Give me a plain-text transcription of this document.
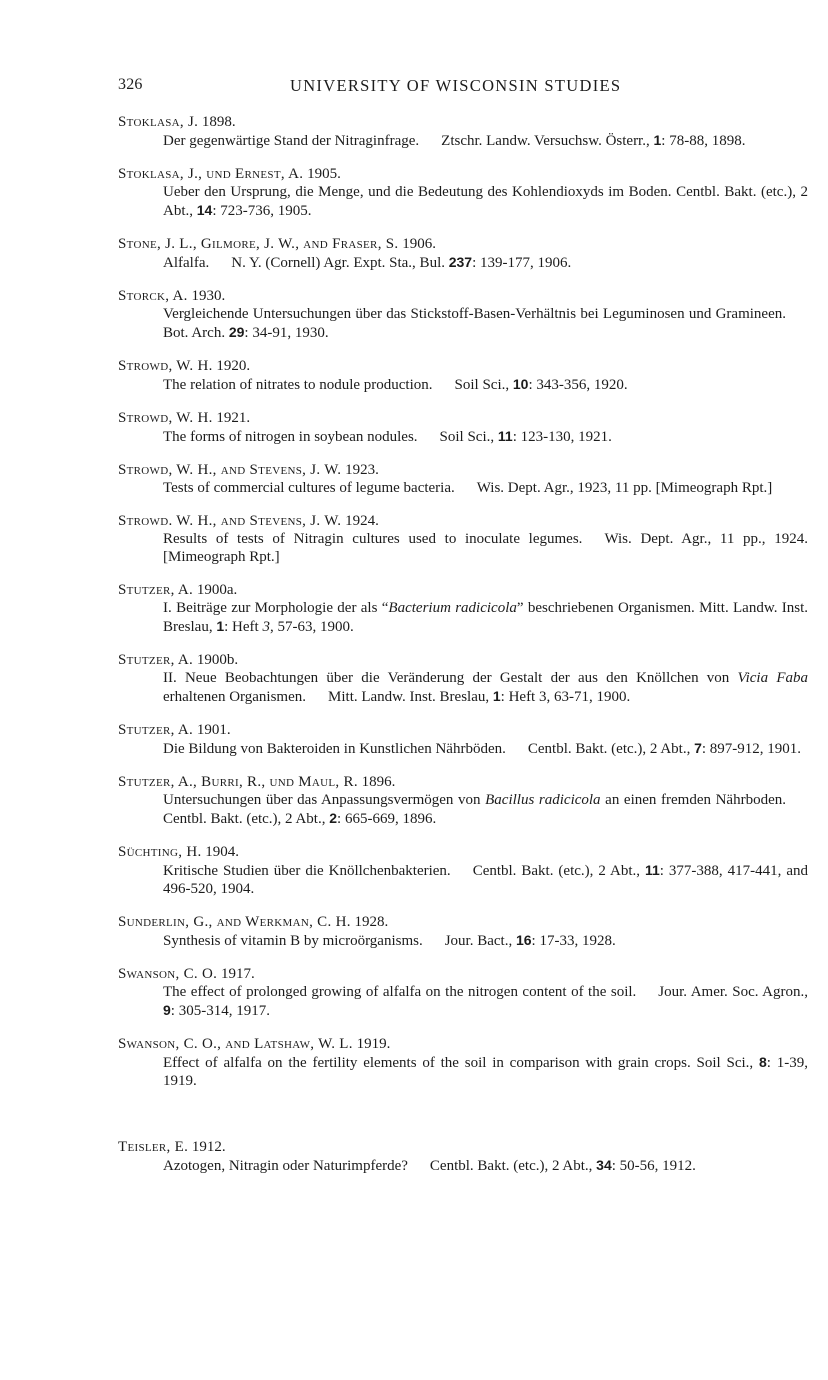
326	UNIVERSITY OF WISCONSIN STUDIES
Stoklasa, J. 1898.
Der gegenwärtige Stand der Nitraginfrage. Ztschr. Landw. Versuchsw. Österr., 1: 78-88, 1898.
Stoklasa, J., und Ernest, A. 1905.
Ueber den Ursprung, die Menge, und die Bedeutung des Kohlendioxyds im Boden. Centbl. Bakt. (etc.), 2 Abt., 14: 723-736, 1905.
Stone, J. L., Gilmore, J. W., and Fraser, S. 1906.
Alfalfa. N. Y. (Cornell) Agr. Expt. Sta., Bul. 237: 139-177, 1906.
Storck, A. 1930.
Vergleichende Untersuchungen über das Stickstoff-Basen-Verhältnis bei Leguminosen und Gramineen.Bot. Arch. 29: 34-91, 1930.
Strowd, W. H. 1920.
The relation of nitrates to nodule production. Soil Sci., 10: 343-356, 1920.
Strowd, W. H. 1921.
The forms of nitrogen in soybean nodules. Soil Sci., 11: 123-130, 1921.
Strowd, W. H., and Stevens, J. W. 1923.
Tests of commercial cultures of legume bacteria. Wis. Dept. Agr., 1923, 11 pp. [Mimeograph Rpt.]
Strowd. W. H., and Stevens, J. W. 1924.
Results of tests of Nitragin cultures used to inoculate legumes. Wis. Dept. Agr., 11 pp., 1924. [Mimeograph Rpt.]
Stutzer, A. 1900a.
I. Beiträge zur Morphologie der als “Bacterium radicicola” beschriebenen Organismen. Mitt. Landw. Inst. Breslau, 1: Heft 3, 57-63, 1900.
Stutzer, A. 1900b.
II. Neue Beobachtungen über die Veränderung der Gestalt der aus den Knöllchen von Vicia Faba erhaltenen Organismen. Mitt. Landw. Inst. Breslau, 1: Heft 3, 63-71, 1900.
Stutzer, A. 1901.
Die Bildung von Bakteroiden in Kunstlichen Nährböden. Centbl. Bakt. (etc.), 2 Abt., 7: 897-912, 1901.
Stutzer, A., Burri, R., und Maul, R. 1896.
Untersuchungen über das Anpassungsvermögen von Bacillus radicicola an einen fremden Nährboden.Centbl. Bakt. (etc.), 2 Abt., 2: 665-669, 1896.
Süchting, H. 1904.
Kritische Studien über die Knöllchenbakterien. Centbl. Bakt. (etc.), 2 Abt., 11: 377-388, 417-441, and 496-520, 1904.
Sunderlin, G., and Werkman, C. H. 1928.
Synthesis of vitamin B by microörganisms. Jour. Bact., 16: 17-33, 1928.
Swanson, C. O. 1917.
The effect of prolonged growing of alfalfa on the nitrogen content of the soil. Jour. Amer. Soc. Agron., 9: 305-314, 1917.
Swanson, C. O., and Latshaw, W. L. 1919.
Effect of alfalfa on the fertility elements of the soil in comparison with grain crops. Soil Sci., 8: 1-39, 1919.
Teisler, E. 1912.
Azotogen, Nitragin oder Naturimpferde? Centbl. Bakt. (etc.), 2 Abt., 34: 50-56, 1912.
